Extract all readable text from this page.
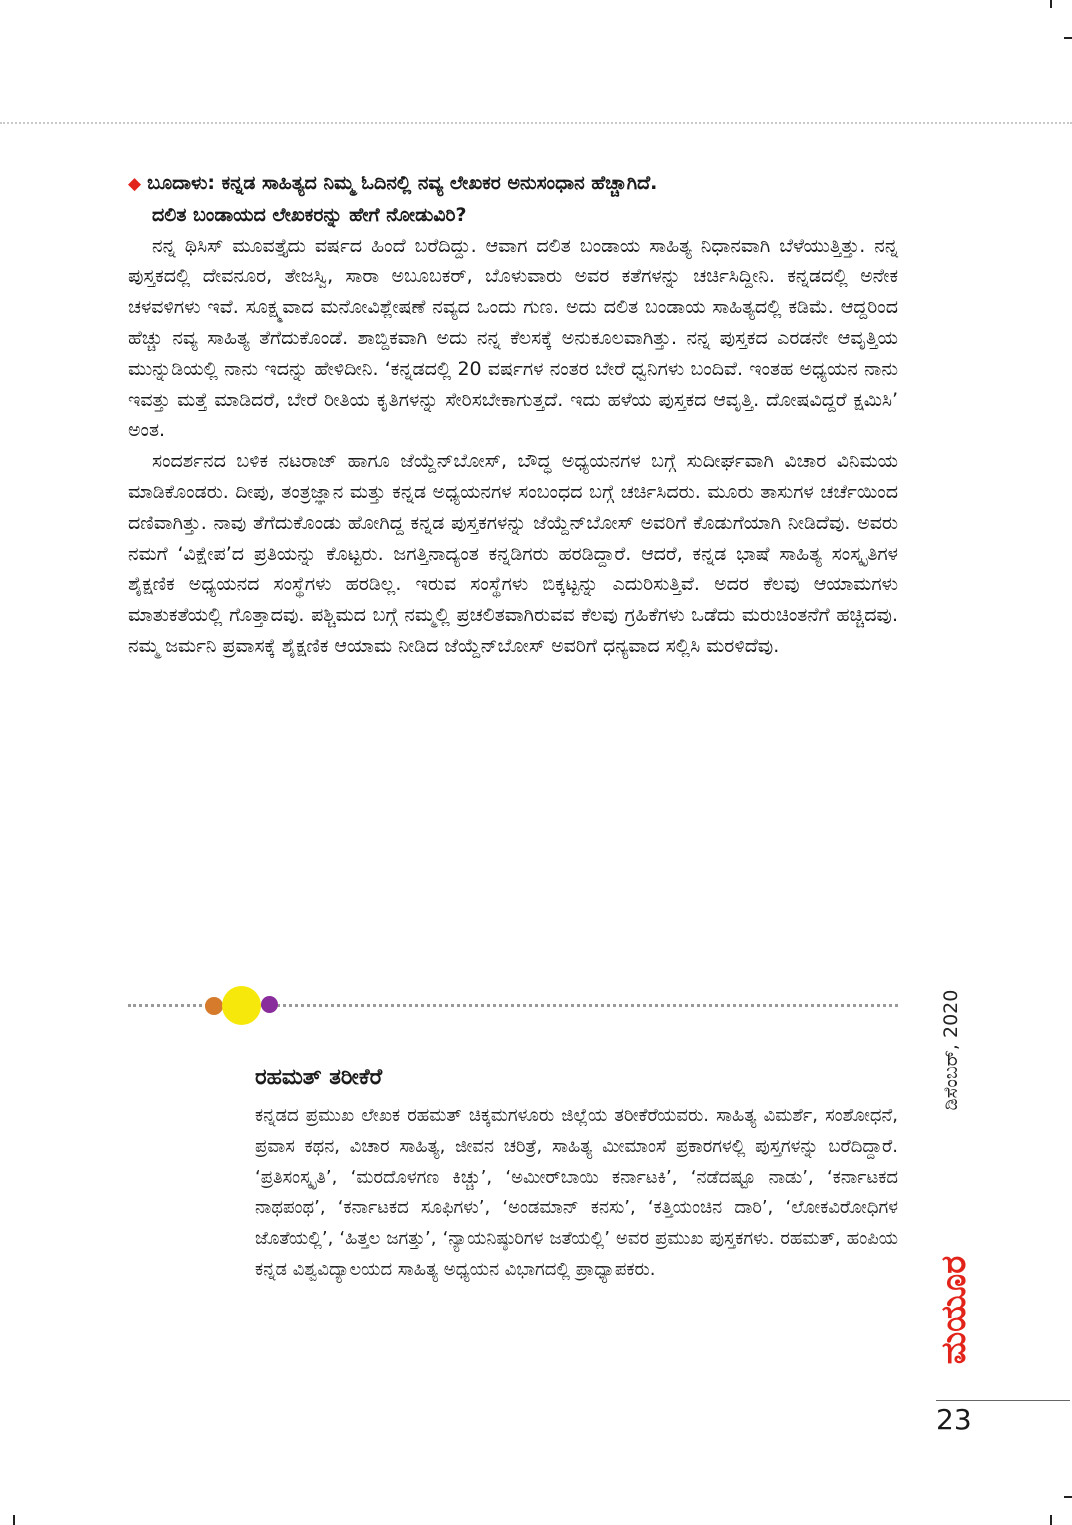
◆ ಬೂದಾಳು: ಕನ್ನಡ ಸಾಹಿತ್ಯದ ನಿಮ್ಮ ಓದಿನಲ್ಲಿ ನವ್ಯ ಲೇಖಕರ ಅನುಸಂಧಾನ ಹೆಚ್ಚಾಗಿದೆ.
ದಲಿತ ಬಂಡಾಯದ ಲೇಖಕರನ್ನು ಹೇಗೆ ನೋಡುವಿರಿ?

ನನ್ನ ಥಿಸಿಸ್ ಮೂವತ್ತೈದು ವರ್ಷದ ಹಿಂದೆ ಬರೆದಿದ್ದು. ಆವಾಗ ದಲಿತ ಬಂಡಾಯ ಸಾಹಿತ್ಯ ನಿಧಾನವಾಗಿ ಬೆಳೆಯುತ್ತಿತ್ತು. ನನ್ನ ಪುಸ್ತಕದಲ್ಲಿ ದೇವನೂರ, ತೇಜಸ್ವಿ, ಸಾರಾ ಅಬೂಬಕರ್, ಬೊಳುವಾರು ಅವರ ಕತೆಗಳನ್ನು ಚರ್ಚಿಸಿದ್ದೀನಿ. ಕನ್ನಡದಲ್ಲಿ ಅನೇಕ ಚಳವಳಿಗಳು ಇವೆ. ಸೂಕ್ಷ್ಮವಾದ ಮನೋವಿಶ್ಲೇಷಣೆ ನವ್ಯದ ಒಂದು ಗುಣ. ಅದು ದಲಿತ ಬಂಡಾಯ ಸಾಹಿತ್ಯದಲ್ಲಿ ಕಡಿಮೆ. ಆದ್ದರಿಂದ ಹೆಚ್ಚು ನವ್ಯ ಸಾಹಿತ್ಯ ತೆಗೆದುಕೊಂಡೆ. ಶಾಬ್ದಿಕವಾಗಿ ಅದು ನನ್ನ ಕೆಲಸಕ್ಕೆ ಅನುಕೂಲವಾಗಿತ್ತು. ನನ್ನ ಪುಸ್ತಕದ ಎರಡನೇ ಆವೃತ್ತಿಯ ಮುನ್ನುಡಿಯಲ್ಲಿ ನಾನು ಇದನ್ನು ಹೇಳಿದೀನಿ. ‘ಕನ್ನಡದಲ್ಲಿ 20 ವರ್ಷಗಳ ನಂತರ ಬೇರೆ ಧ್ವನಿಗಳು ಬಂದಿವೆ. ಇಂತಹ ಅಧ್ಯಯನ ನಾನು ಇವತ್ತು ಮತ್ತೆ ಮಾಡಿದರೆ, ಬೇರೆ ರೀತಿಯ ಕೃತಿಗಳನ್ನು ಸೇರಿಸಬೇಕಾಗುತ್ತದೆ. ಇದು ಹಳೆಯ ಪುಸ್ತಕದ ಆವೃತ್ತಿ. ದೋಷವಿದ್ದರೆ ಕ್ಷಮಿಸಿ’ ಅಂತ.

ಸಂದರ್ಶನದ ಬಳಿಕ ನಟರಾಜ್ ಹಾಗೂ ಜೆಯ್ದೆನ್‌ಬೋಸ್, ಬೌದ್ಧ ಅಧ್ಯಯನಗಳ ಬಗ್ಗೆ ಸುದೀರ್ಘವಾಗಿ ವಿಚಾರ ವಿನಿಮಯ ಮಾಡಿಕೊಂಡರು. ದೀಪು, ತಂತ್ರಜ್ಞಾನ ಮತ್ತು ಕನ್ನಡ ಅಧ್ಯಯನಗಳ ಸಂಬಂಧದ ಬಗ್ಗೆ ಚರ್ಚಿಸಿದರು. ಮೂರು ತಾಸುಗಳ ಚರ್ಚೆಯಿಂದ ದಣಿವಾಗಿತ್ತು. ನಾವು ತೆಗೆದುಕೊಂಡು ಹೋಗಿದ್ದ ಕನ್ನಡ ಪುಸ್ತಕಗಳನ್ನು ಜೆಯ್ದೆನ್‌ಬೋಸ್ ಅವರಿಗೆ ಕೊಡುಗೆಯಾಗಿ ನೀಡಿದೆವು. ಅವರು ನಮಗೆ ‘ವಿಕ್ಷೇಪ’ದ ಪ್ರತಿಯನ್ನು ಕೊಟ್ಟರು. ಜಗತ್ತಿನಾದ್ಯಂತ ಕನ್ನಡಿಗರು ಹರಡಿದ್ದಾರೆ. ಆದರೆ, ಕನ್ನಡ ಭಾಷೆ ಸಾಹಿತ್ಯ ಸಂಸ್ಕೃತಿಗಳ ಶೈಕ್ಷಣಿಕ ಅಧ್ಯಯನದ ಸಂಸ್ಥೆಗಳು ಹರಡಿಲ್ಲ. ಇರುವ ಸಂಸ್ಥೆಗಳು ಬಿಕ್ಕಟ್ಟನ್ನು ಎದುರಿಸುತ್ತಿವೆ. ಅದರ ಕೆಲವು ಆಯಾಮಗಳು ಮಾತುಕತೆಯಲ್ಲಿ ಗೊತ್ತಾದವು. ಪಶ್ಚಿಮದ ಬಗ್ಗೆ ನಮ್ಮಲ್ಲಿ ಪ್ರಚಲಿತವಾಗಿರುವವ ಕೆಲವು ಗ್ರಹಿಕೆಗಳು ಒಡೆದು ಮರುಚಿಂತನೆಗೆ ಹಚ್ಚಿದವು. ನಮ್ಮ ಜರ್ಮನಿ ಪ್ರವಾಸಕ್ಕೆ ಶೈಕ್ಷಣಿಕ ಆಯಾಮ ನೀಡಿದ ಜೆಯ್ದೆನ್‌ಬೋಸ್ ಅವರಿಗೆ ಧನ್ಯವಾದ ಸಲ್ಲಿಸಿ ಮರಳಿದೆವು.

ರಹಮತ್ ತರೀಕೆರೆ

ಕನ್ನಡದ ಪ್ರಮುಖ ಲೇಖಕ ರಹಮತ್ ಚಿಕ್ಕಮಗಳೂರು ಜಿಲ್ಲೆಯ ತರೀಕೆರೆಯವರು. ಸಾಹಿತ್ಯ ವಿಮರ್ಶೆ, ಸಂಶೋಧನೆ, ಪ್ರವಾಸ ಕಥನ, ವಿಚಾರ ಸಾಹಿತ್ಯ, ಜೀವನ ಚರಿತ್ರೆ, ಸಾಹಿತ್ಯ ಮೀಮಾಂಸೆ ಪ್ರಕಾರಗಳಲ್ಲಿ ಪುಸ್ತಗಳನ್ನು ಬರೆದಿದ್ದಾರೆ. ‘ಪ್ರತಿಸಂಸ್ಕೃತಿ’, ‘ಮರದೊಳಗಣ ಕಿಚ್ಚು’, ‘ಅಮೀರ್‌ಬಾಯಿ ಕರ್ನಾಟಕಿ’, ‘ನಡೆದಷ್ಟೂ ನಾಡು’, ‘ಕರ್ನಾಟಕದ ನಾಥಪಂಥ’, ‘ಕರ್ನಾಟಕದ ಸೂಫಿಗಳು’, ‘ಅಂಡಮಾನ್ ಕನಸು’, ‘ಕತ್ತಿಯಂಚಿನ ದಾರಿ’, ‘ಲೋಕವಿರೋಧಿಗಳ ಜೊತೆಯಲ್ಲಿ’, ‘ಹಿತ್ತಲ ಜಗತ್ತು’, ‘ನ್ಯಾಯನಿಷ್ಠುರಿಗಳ ಜತೆಯಲ್ಲಿ’ ಅವರ ಪ್ರಮುಖ ಪುಸ್ತಕಗಳು. ರಹಮತ್, ಹಂಪಿಯ ಕನ್ನಡ ವಿಶ್ವವಿದ್ಯಾಲಯದ ಸಾಹಿತ್ಯ ಅಧ್ಯಯನ ವಿಭಾಗದಲ್ಲಿ ಪ್ರಾಧ್ಯಾಪಕರು.

ಡಿಸೆಂಬರ್, 2020
ಮಯೂರ
23
